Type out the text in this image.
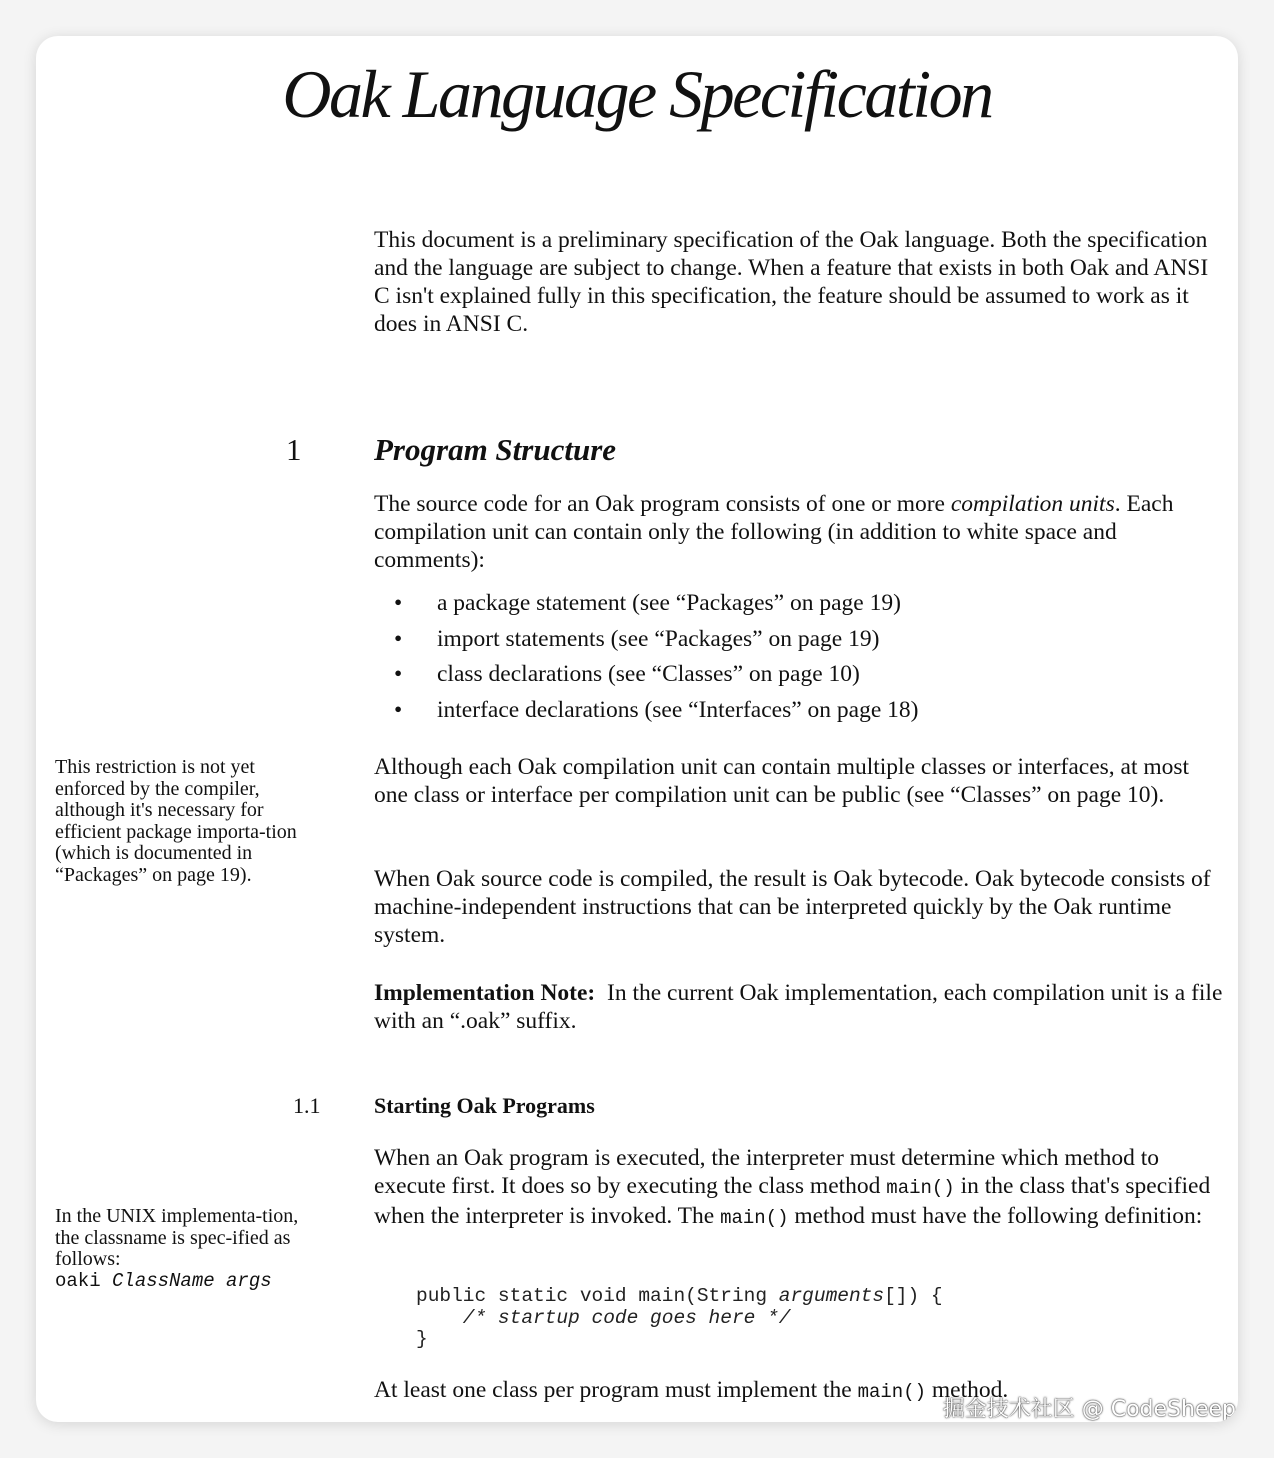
Oak Language Specification
This document is a preliminary specification of the Oak language. Both the specification and the language are subject to change. When a feature that exists in both Oak and ANSI C isn't explained fully in this specification, the feature should be assumed to work as it does in ANSI C.
1 Program Structure
The source code for an Oak program consists of one or more compilation units. Each compilation unit can contain only the following (in addition to white space and comments):
• a package statement (see “Packages” on page 19)
• import statements (see “Packages” on page 19)
• class declarations (see “Classes” on page 10)
• interface declarations (see “Interfaces” on page 18)
This restriction is not yet enforced by the compiler, although it's necessary for efficient package importa-tion (which is documented in “Packages” on page 19).
Although each Oak compilation unit can contain multiple classes or interfaces, at most one class or interface per compilation unit can be public (see “Classes” on page 10).
When Oak source code is compiled, the result is Oak bytecode. Oak bytecode consists of machine-independent instructions that can be interpreted quickly by the Oak runtime system.
Implementation Note: In the current Oak implementation, each compilation unit is a file with an “.oak” suffix.
1.1 Starting Oak Programs
When an Oak program is executed, the interpreter must determine which method to execute first. It does so by executing the class method main() in the class that's specified when the interpreter is invoked. The main() method must have the following definition:
In the UNIX implementa-tion, the classname is spec-ified as follows:
oaki ClassName args
public static void main(String arguments[]) {
/* startup code goes here */
}
At least one class per program must implement the main() method.
掘金技术社区 @ CodeSheep
